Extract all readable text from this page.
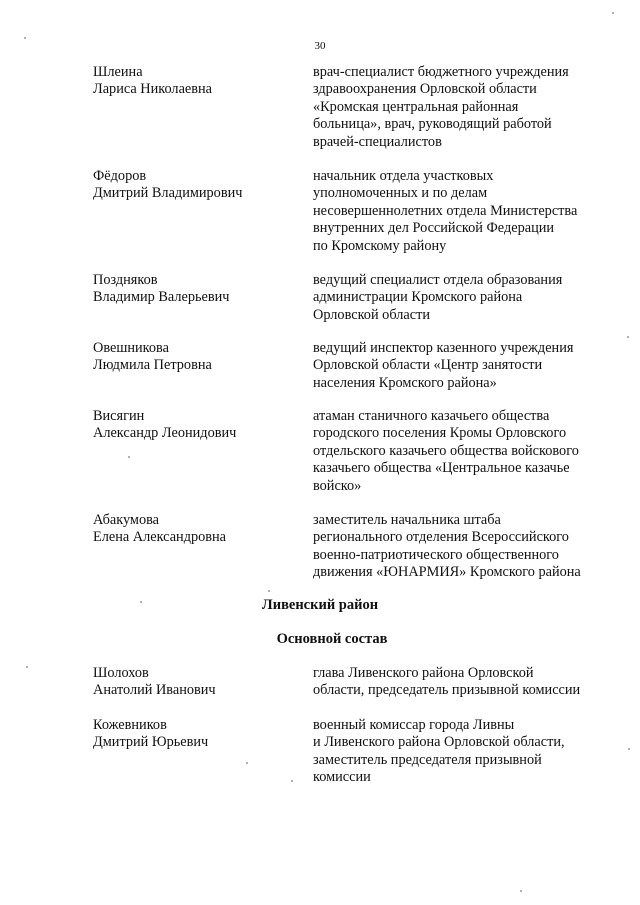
30
Шлеина
Лариса Николаевна
врач-специалист бюджетного учреждения
здравоохранения Орловской области
«Кромская центральная районная
больница», врач, руководящий работой
врачей-специалистов
Фёдоров
Дмитрий Владимирович
начальник отдела участковых
уполномоченных и по делам
несовершеннолетних отдела Министерства
внутренних дел Российской Федерации
по Кромскому району
Поздняков
Владимир Валерьевич
ведущий специалист отдела образования
администрации Кромского района
Орловской области
Овешникова
Людмила Петровна
ведущий инспектор казенного учреждения
Орловской области «Центр занятости
населения Кромского района»
Висягин
Александр Леонидович
атаман станичного казачьего общества
городского поселения Кромы Орловского
отдельского казачьего общества войскового
казачьего общества «Центральное казачье
войско»
Абакумова
Елена Александровна
заместитель начальника штаба
регионального отделения Всероссийского
военно-патриотического общественного
движения «ЮНАРМИЯ» Кромского района
Ливенский район
Основной состав
Шолохов
Анатолий Иванович
глава Ливенского района Орловской
области, председатель призывной комиссии
Кожевников
Дмитрий Юрьевич
военный комиссар города Ливны
и Ливенского района Орловской области,
заместитель председателя призывной
комиссии
